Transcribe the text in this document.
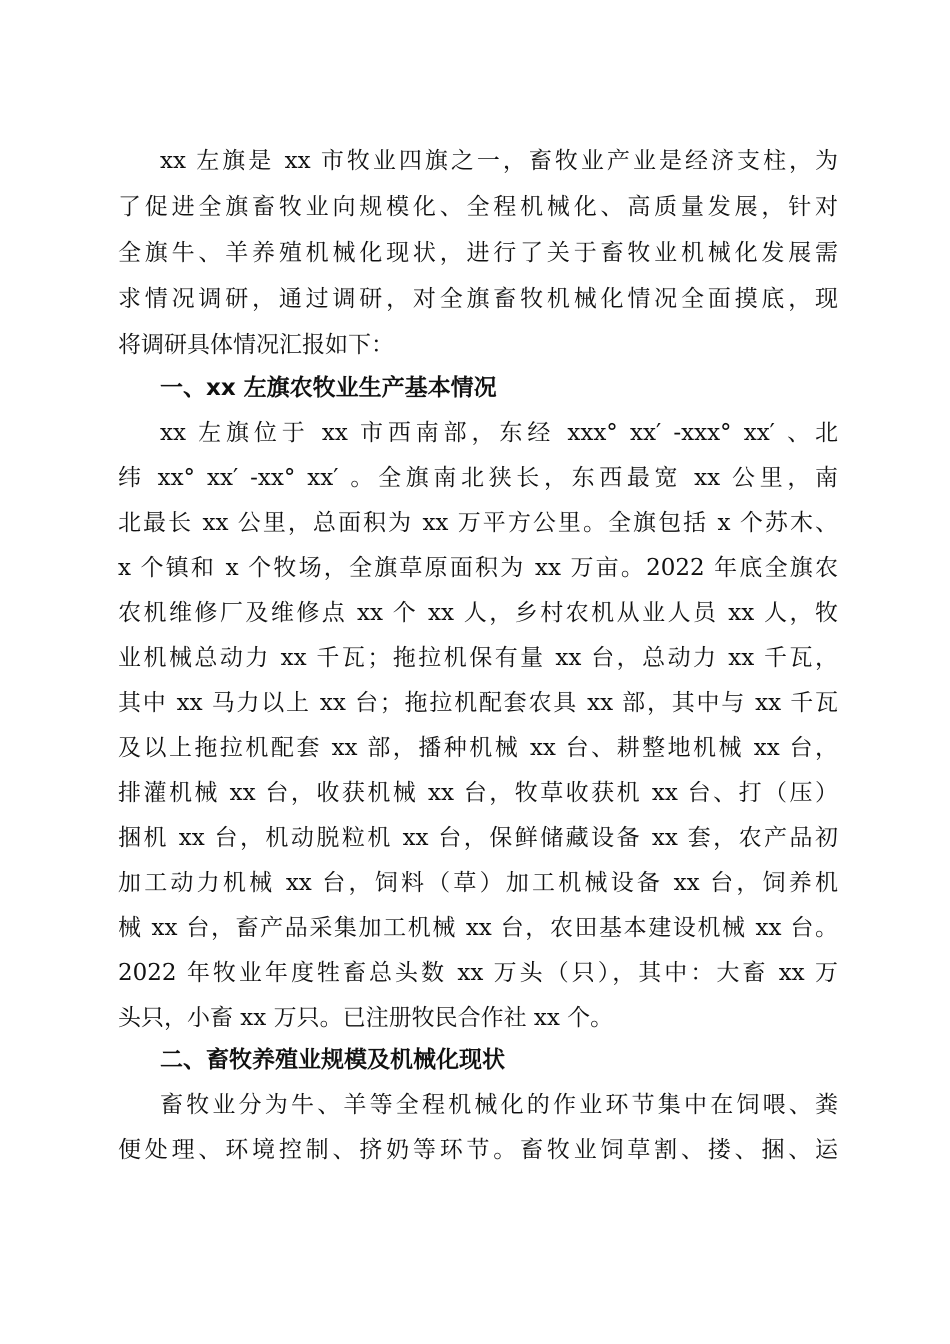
xx 左旗是 xx 市牧业四旗之一，畜牧业产业是经济支柱，为
了促进全旗畜牧业向规模化、全程机械化、高质量发展，针对
全旗牛、羊养殖机械化现状，进行了关于畜牧业机械化发展需
求情况调研，通过调研，对全旗畜牧机械化情况全面摸底，现
将调研具体情况汇报如下：
一、xx 左旗农牧业生产基本情况
xx 左旗位于 xx 市西南部，东经 xxx° xx′ -xxx° xx′ 、北
纬 xx° xx′ -xx° xx′ 。全旗南北狭长，东西最宽 xx 公里，南
北最长 xx 公里，总面积为 xx 万平方公里。全旗包括 x 个苏木、
x 个镇和 x 个牧场，全旗草原面积为 xx 万亩。2022 年底全旗农
农机维修厂及维修点 xx 个 xx 人，乡村农机从业人员 xx 人，牧
业机械总动力 xx 千瓦；拖拉机保有量 xx 台，总动力 xx 千瓦，
其中 xx 马力以上 xx 台；拖拉机配套农具 xx 部，其中与 xx 千瓦
及以上拖拉机配套 xx 部，播种机械 xx 台、耕整地机械 xx 台，
排灌机械 xx 台，收获机械 xx 台，牧草收获机 xx 台、打（压）
捆机 xx 台，机动脱粒机 xx 台，保鲜储藏设备 xx 套，农产品初
加工动力机械 xx 台，饲料（草）加工机械设备 xx 台，饲养机
械 xx 台，畜产品采集加工机械 xx 台，农田基本建设机械 xx 台。
2022 年牧业年度牲畜总头数 xx 万头（只），其中：大畜 xx 万
头只，小畜 xx 万只。已注册牧民合作社 xx 个。
二、畜牧养殖业规模及机械化现状
畜牧业分为牛、羊等全程机械化的作业环节集中在饲喂、粪
便处理、环境控制、挤奶等环节。畜牧业饲草割、搂、捆、运
